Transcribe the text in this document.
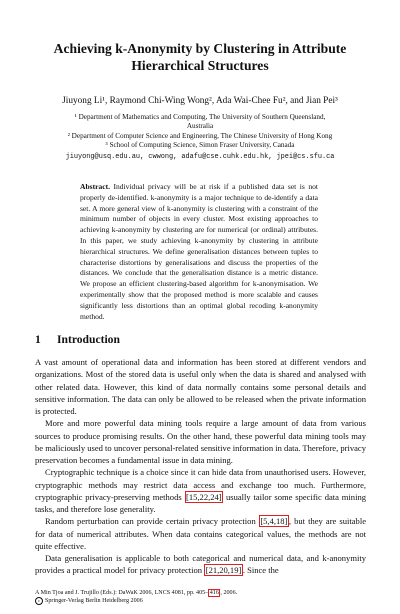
Achieving k-Anonymity by Clustering in Attribute
Hierarchical Structures
Jiuyong Li¹, Raymond Chi-Wing Wong², Ada Wai-Chee Fu², and Jian Pei³
¹ Department of Mathematics and Computing, The University of Southern Queensland,
Australia
² Department of Computer Science and Engineering, The Chinese University of Hong Kong
³ School of Computing Science, Simon Fraser University, Canada
jiuyong@usq.edu.au, cwwong, adafu@cse.cuhk.edu.hk, jpei@cs.sfu.ca
Abstract. Individual privacy will be at risk if a published data set is not properly de-identified. k-anonymity is a major technique to de-identify a data set. A more general view of k-anonymity is clustering with a constraint of the minimum number of objects in every cluster. Most existing approaches to achieving k-anonymity by clustering are for numerical (or ordinal) attributes. In this paper, we study achieving k-anonymity by clustering in attribute hierarchical structures. We define generalisation distances between tuples to characterise distortions by generalisations and discuss the properties of the distances. We conclude that the generalisation distance is a metric distance. We propose an efficient clustering-based algorithm for k-anonymisation. We experimentally show that the proposed method is more scalable and causes significantly less distortions than an optimal global recoding k-anonymity method.
1 Introduction

A vast amount of operational data and information has been stored at different vendors and organizations. Most of the stored data is useful only when the data is shared and analysed with other related data. However, this kind of data normally contains some personal details and sensitive information. The data can only be allowed to be released when the private information is protected.

More and more powerful data mining tools require a large amount of data from various sources to produce promising results. On the other hand, these powerful data mining tools may be maliciously used to uncover personal-related sensitive information in data. Therefore, privacy preservation becomes a fundamental issue in data mining.

Cryptographic technique is a choice since it can hide data from unauthorised users. However, cryptographic methods may restrict data access and exchange too much. Furthermore, cryptographic privacy-preserving methods [15,22,24] usually tailor some specific data mining tasks, and therefore lose generality.

Random perturbation can provide certain privacy protection [5,4,18] , but they are suitable for data of numerical attributes. When data contains categorical values, the methods are not quite effective.

Data generalisation is applicable to both categorical and numerical data, and k-anonymity provides a practical model for privacy protection [21,20,19] . Since the

A Min Tjoa and J. Trujillo (Eds.): DaWaK 2006, LNCS 4081, pp. 405– 416 , 2006.
c Springer-Verlag Berlin Heidelberg 2006
